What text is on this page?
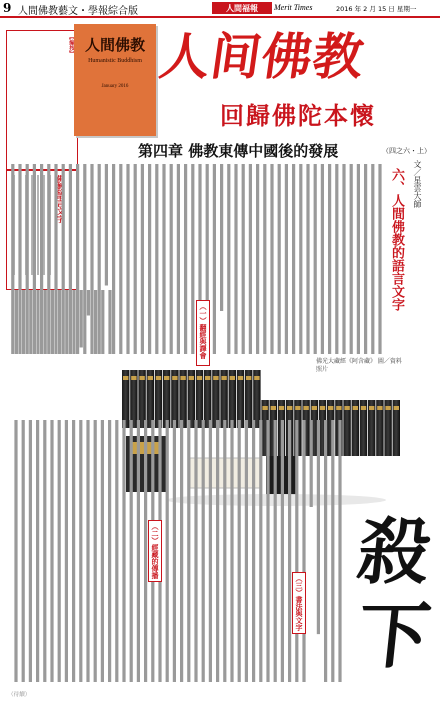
9 人間佛教藝文・學報綜合版	人間福報	Merit Times	2016 年 2 月 15 日 星期一
【編按】 　　　　　　　　　　　　　　　　　　　　　　　　　　　　　　　　　　　　　　　　
佛教語言文字
人間佛教
Humanistic Buddhism
January 2016
人间佛教
回歸佛陀本懷
第四章 佛教東傳中國後的發展	（四之六・上）
文／星雲大師
六、人間佛教的語言文字
（一）翻經與譯會
佛光大藏經《阿含藏》 圖／資料照片
（二）經藏的傳播
（三）書法與文字
殺
下
（待續）
